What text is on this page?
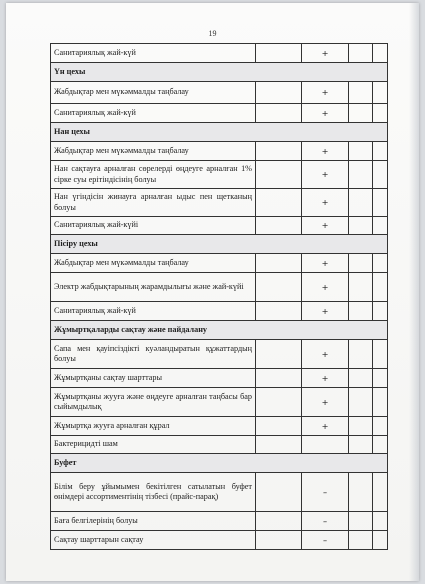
19
Санитариялық жай-күй		+		
Үн цехы				
Жабдықтар мен мүкәммалды таңбалау		+		
Санитариялық жай-күй		+		
Нан цехы				
Жабдықтар мен мүкәммалды таңбалау		+		
Нан сақтауға арналған сөрелерді өңдеуге арналған 1% сірке суы ерітіндісінің болуы		+		
Нан үгіндісін жинауға арналған ыдыс пен щетканың болуы		+		
Санитариялық жай-күйі		+		
Пісіру цехы				
Жабдықтар мен мүкәммалды таңбалау		+		
Электр жабдықтарының жарамдылығы және жай-күйі		+		
Санитариялық жай-күй		+		
Жұмыртқаларды сақтау және пайдалану				
Сапа мен қауіпсіздікті куәландыратын құжаттардың болуы		+		
Жұмыртқаны сақтау шарттары		+		
Жұмыртқаны жууға және өңдеуге арналған таңбасы бар сыйымдылық		+		
Жұмыртқа жууға арналған құрал		+		
Бактерицидті шам				
Буфет				
Білім беру ұйымымен бекітілген сатылатын буфет өнімдері ассортиментінің тізбесі (прайс-парақ)		–		
Баға белгілерінің болуы		–		
Сақтау шарттарын сақтау		–		
